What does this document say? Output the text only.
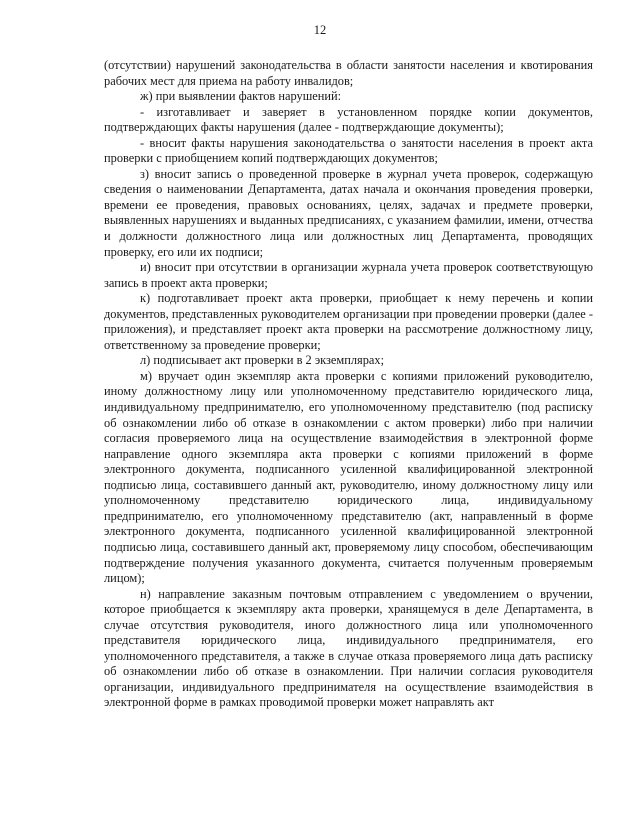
12

(отсутствии) нарушений законодательства в области занятости населения и квотирования рабочих мест для приема на работу инвалидов;

ж) при выявлении фактов нарушений:

- изготавливает и заверяет в установленном порядке копии документов, подтверждающих факты нарушения (далее - подтверждающие документы);

- вносит факты нарушения законодательства о занятости населения в проект акта проверки с приобщением копий подтверждающих документов;

з) вносит запись о проведенной проверке в журнал учета проверок, содержащую сведения о наименовании Департамента, датах начала и окончания проведения проверки, времени ее проведения, правовых основаниях, целях, задачах и предмете проверки, выявленных нарушениях и выданных предписаниях, с указанием фамилии, имени, отчества и должности должностного лица или должностных лиц Департамента, проводящих проверку, его или их подписи;

и) вносит при отсутствии в организации журнала учета проверок соответствующую запись в проект акта проверки;

к) подготавливает проект акта проверки, приобщает к нему перечень и копии документов, представленных руководителем организации при проведении проверки (далее - приложения), и представляет проект акта проверки на рассмотрение должностному лицу, ответственному за проведение проверки;

л) подписывает акт проверки в 2 экземплярах;

м) вручает один экземпляр акта проверки с копиями приложений руководителю, иному должностному лицу или уполномоченному представителю юридического лица, индивидуальному предпринимателю, его уполномоченному представителю (под расписку об ознакомлении либо об отказе в ознакомлении с актом проверки) либо при наличии согласия проверяемого лица на осуществление взаимодействия в электронной форме направление одного экземпляра акта проверки с копиями приложений в форме электронного документа, подписанного усиленной квалифицированной электронной подписью лица, составившего данный акт, руководителю, иному должностному лицу или уполномоченному представителю юридического лица, индивидуальному предпринимателю, его уполномоченному представителю (акт, направленный в форме электронного документа, подписанного усиленной квалифицированной электронной подписью лица, составившего данный акт, проверяемому лицу способом, обеспечивающим подтверждение получения указанного документа, считается полученным проверяемым лицом);

н) направление заказным почтовым отправлением с уведомлением о вручении, которое приобщается к экземпляру акта проверки, хранящемуся в деле Департамента, в случае отсутствия руководителя, иного должностного лица или уполномоченного представителя юридического лица, индивидуального предпринимателя, его уполномоченного представителя, а также в случае отказа проверяемого лица дать расписку об ознакомлении либо об отказе в ознакомлении. При наличии согласия руководителя организации, индивидуального предпринимателя на осуществление взаимодействия в электронной форме в рамках проводимой проверки может направлять акт
